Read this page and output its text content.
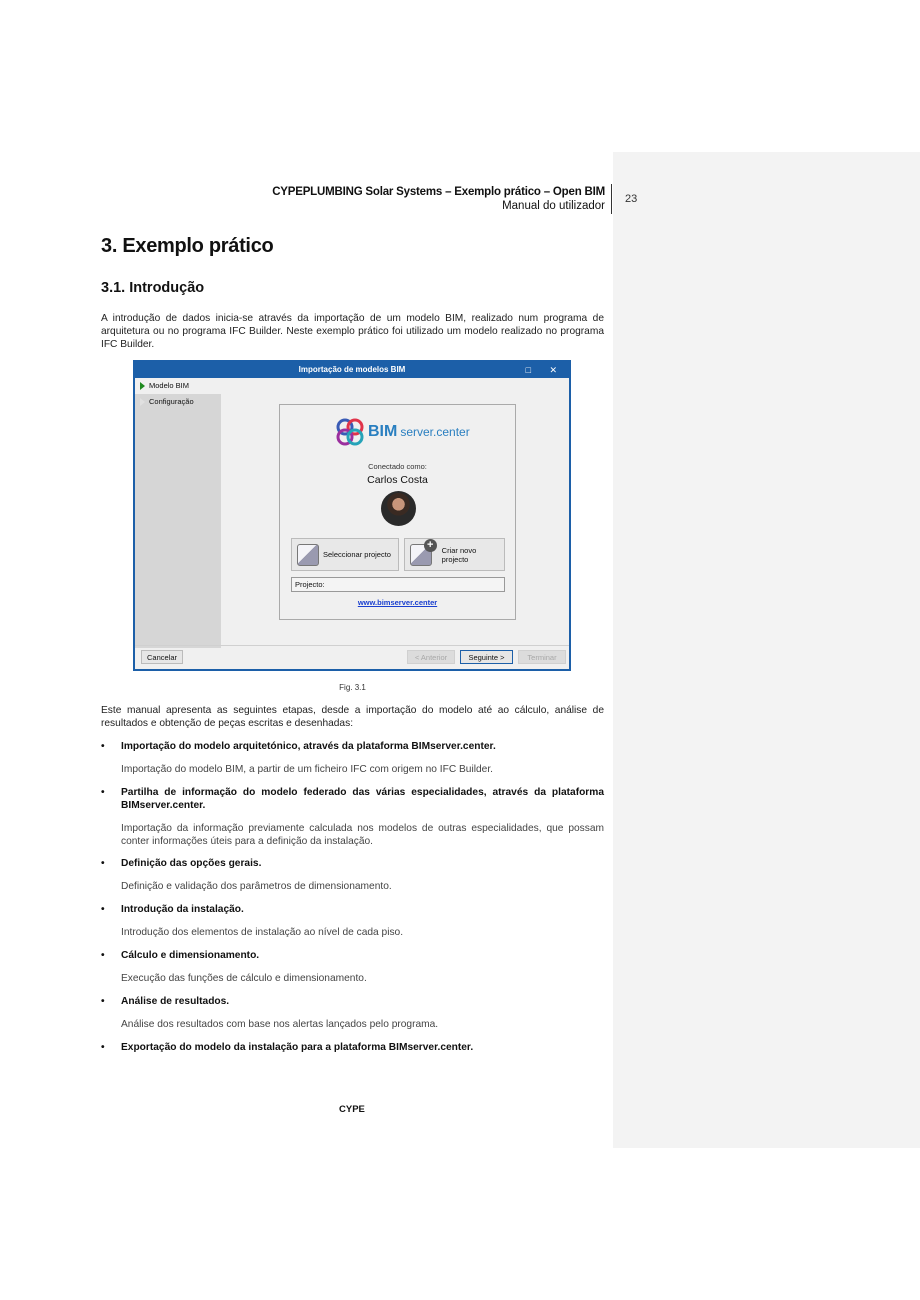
CYPEPLUMBING Solar Systems – Exemplo prático – Open BIM
Manual do utilizador
23
3. Exemplo prático
3.1. Introdução
A introdução de dados inicia-se através da importação de um modelo BIM, realizado num programa de arquitetura ou no programa IFC Builder. Neste exemplo prático foi utilizado um modelo realizado no programa IFC Builder.
Importação de modelos BIM	□ ✕
Modelo BIM
Configuração
BIM server.center
Conectado como:
Carlos Costa
Seleccionar projecto
+	Criar novo projecto
Projecto:
www.bimserver.center
Cancelar	< Anterior	Seguinte >	Terminar
Fig. 3.1
Este manual apresenta as seguintes etapas, desde a importação do modelo até ao cálculo, análise de resultados e obtenção de peças escritas e desenhadas:
• Importação do modelo arquitetónico, através da plataforma BIMserver.center.
Importação do modelo BIM, a partir de um ficheiro IFC com origem no IFC Builder.
• Partilha de informação do modelo federado das várias especialidades, através da plataforma BIMserver.center.
Importação da informação previamente calculada nos modelos de outras especialidades, que possam conter informações úteis para a definição da instalação.
• Definição das opções gerais.
Definição e validação dos parâmetros de dimensionamento.
• Introdução da instalação.
Introdução dos elementos de instalação ao nível de cada piso.
• Cálculo e dimensionamento.
Execução das funções de cálculo e dimensionamento.
• Análise de resultados.
Análise dos resultados com base nos alertas lançados pelo programa.
• Exportação do modelo da instalação para a plataforma BIMserver.center.
CYPE
